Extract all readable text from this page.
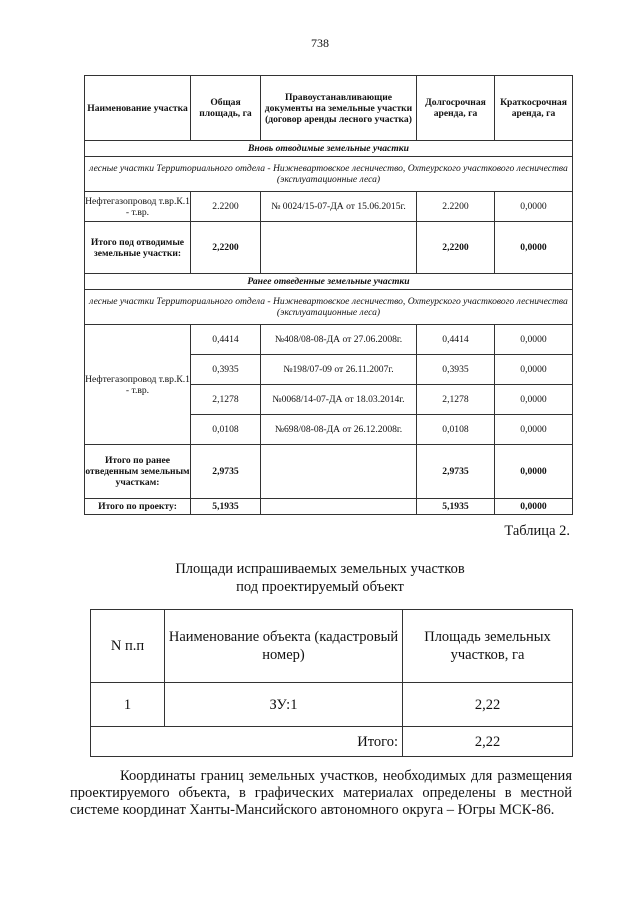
738
Наименование участка	Общая площадь, га	Правоустанавливающие документы на земельные участки (договор аренды лесного участка)	Долгосрочная аренда, га	Краткосрочная аренда, га
Вновь отводимые земельные участки				
лесные участки Территориального отдела - Нижневартовское лесничество, Охтеурского участкового лесничества (эксплуатационные леса)				
Нефтегазопровод т.вр.К.1 - т.вр.	2.2200	№ 0024/15-07-ДА от 15.06.2015г.	2.2200	0,0000
Итого под отводимые земельные участки:	2,2200		2,2200	0,0000
Ранее отведенные земельные участки				
лесные участки Территориального отдела - Нижневартовское лесничество, Охтеурского участкового лесничества (эксплуатационные леса)				
Нефтегазопровод т.вр.К.1 - т.вр.	0,4414	№408/08-08-ДА от 27.06.2008г.	0,4414	0,0000
	0,3935	№198/07-09 от 26.11.2007г.	0,3935	0,0000
	2,1278	№0068/14-07-ДА от 18.03.2014г.	2,1278	0,0000
	0,0108	№698/08-08-ДА от 26.12.2008г.	0,0108	0,0000
Итого по ранее отведенным земельным участкам:	2,9735		2,9735	0,0000
Итого по проекту:	5,1935		5,1935	0,0000
Таблица 2.
Площади испрашиваемых земельных участков
под проектируемый объект
N п.п	Наименование объекта (кадастровый номер)	Площадь земельных участков, га
1	ЗУ:1	2,22
	Итого:	2,22
Координаты границ земельных участков, необходимых для размещения проектируемого объекта, в графических материалах определены в местной системе координат Ханты-Мансийского автономного округа – Югры МСК-86.
